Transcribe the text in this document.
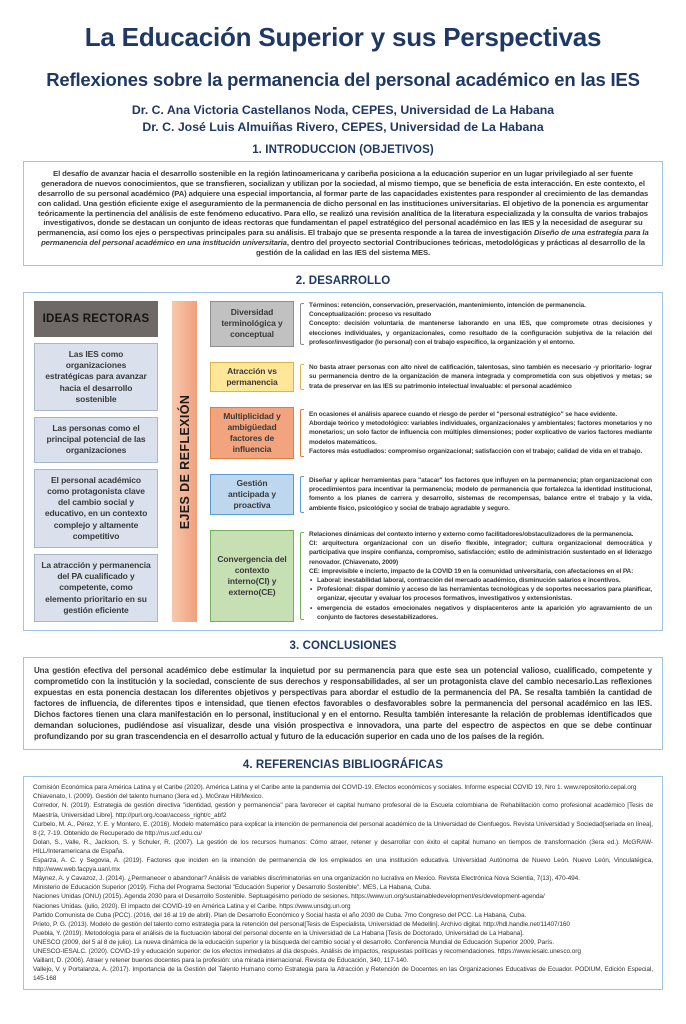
La Educación Superior y sus Perspectivas
Reflexiones sobre la permanencia del personal académico en las IES
Dr. C. Ana Victoria Castellanos Noda, CEPES, Universidad de La Habana
Dr. C. José Luis Almuiñas Rivero, CEPES, Universidad de La Habana
1. INTRODUCCION (OBJETIVOS)
El desafío de avanzar hacia el desarrollo sostenible en la región latinoamericana y caribeña posiciona a la educación superior en un lugar privilegiado al ser fuente generadora de nuevos conocimientos, que se transfieren, socializan y utilizan por la sociedad, al mismo tiempo, que se beneficia de esta interacción. En este contexto, el desarrollo de su personal académico (PA) adquiere una especial importancia, al formar parte de las capacidades existentes para responder al crecimiento de las demandas con calidad. Una gestión eficiente exige el aseguramiento de la permanencia de dicho personal en las instituciones universitarias. El objetivo de la ponencia es argumentar teóricamente la pertinencia del análisis de este fenómeno educativo. Para ello, se realizó una revisión analítica de la literatura especializada y la consulta de varios trabajos investigativos, donde se destacan un conjunto de ideas rectoras que fundamentan el papel estratégico del personal académico en las IES y la necesidad de asegurar su permanencia, así como los ejes o perspectivas principales para su análisis. El trabajo que se presenta responde a la tarea de investigación Diseño de una estrategia para la permanencia del personal académico en una institución universitaria, dentro del proyecto sectorial Contribuciones teóricas, metodológicas y prácticas al desarrollo de la gestión de la calidad en las IES del sistema MES.
2. DESARROLLO
IDEAS RECTORAS
Las IES como organizaciones estratégicas para avanzar hacia el desarrollo sostenible
Las personas como el principal potencial de las organizaciones
El personal académico como protagonista clave del cambio social y educativo, en un contexto complejo y altamente competitivo
La atracción y permanencia del PA cualificado y competente, como elemento prioritario en su gestión eficiente
EJES DE REFLEXIÓN
Diversidad terminológica y conceptual

Términos: retención, conservación, preservación, mantenimiento, intención de permanencia.

Conceptualización: proceso vs resultado

Concepto: decisión voluntaria de mantenerse laborando en una IES, que compromete otras decisiones y elecciones individuales, y organizacionales, como resultado de la configuración subjetiva de la relación del profesor/investigador (lo personal) con el trabajo específico, la organización y el entorno.

Atracción vs permanencia

No basta atraer personas con alto nivel de calificación, talentosas, sino también es necesario -y prioritario- lograr su permanencia dentro de la organización de manera integrada y comprometida con sus objetivos y metas; se trata de preservar en las IES su patrimonio intelectual invaluable: el personal académico

Multiplicidad y ambigüedad factores de influencia

En ocasiones el análisis aparece cuando el riesgo de perder el "personal estratégico" se hace evidente.

Abordaje teórico y metodológico: variables individuales, organizacionales y ambientales; factores monetarios y no monetarios; un solo factor de influencia con múltiples dimensiones; poder explicativo de varios factores mediante modelos matemáticos.

Factores más estudiados: compromiso organizacional; satisfacción con el trabajo; calidad de vida en el trabajo.

Gestión anticipada y proactiva

Diseñar y aplicar herramientas para "atacar" los factores que influyen en la permanencia; plan organizacional con procedimientos para incentivar la permanencia; modelo de permanencia que fortalezca la identidad institucional, fomento a los planes de carrera y desarrollo, sistemas de recompensas, balance entre el trabajo y la vida, ambiente físico, psicológico y social de trabajo agradable y seguro.

Convergencia del contexto interno(CI) y externo(CE)

Relaciones dinámicas del contexto interno y externo como facilitadores/obstaculizadores de la permanencia.

CI: arquitectura organizacional con un diseño flexible, integrador; cultura organizacional democrática y participativa que inspire confianza, compromiso, satisfacción; estilo de administración sustentado en el liderazgo renovador. (Chiavenato, 2009)

CE: imprevisible e incierto, impacto de la COVID 19 en la comunidad universitaria, con afectaciones en el PA:

• Laboral: inestabilidad laboral, contracción del mercado académico, disminución salarios e incentivos.

• Profesional: dispar dominio y acceso de las herramientas tecnológicas y de soportes necesarios para planificar, organizar, ejecutar y evaluar los procesos formativos, investigativos y extensionistas.

• emergencia de estados emocionales negativos y displacenteros ante la aparición y/o agravamiento de un conjunto de factores desestabilizadores.

3. CONCLUSIONES
Una gestión efectiva del personal académico debe estimular la inquietud por su permanencia para que este sea un potencial valioso, cualificado, competente y comprometido con la institución y la sociedad, consciente de sus derechos y responsabilidades, al ser un protagonista clave del cambio necesario.Las reflexiones expuestas en esta ponencia destacan los diferentes objetivos y perspectivas para abordar el estudio de la permanencia del PA. Se resalta también la cantidad de factores de influencia, de diferentes tipos e intensidad, que tienen efectos favorables o desfavorables sobre la permanencia del personal académico en las IES. Dichos factores tienen una clara manifestación en lo personal, institucional y en el entorno. Resulta también interesante la relación de problemas identificados que demandan soluciones, pudiéndose así visualizar, desde una visión prospectiva e innovadora, una parte del espectro de aspectos en que se debe continuar profundizando por su gran trascendencia en el desarrollo actual y futuro de la educación superior en cada uno de los países de la región.
4. REFERENCIAS BIBLIOGRÁFICAS

Comisión Económica para América Latina y el Caribe (2020). América Latina y el Caribe ante la pandemia del COVID-19. Efectos económicos y sociales. Informe especial COVID 19, Nro 1. www.repositorio.cepal.org

Chiavenato, I. (2009). Gestión del talento humano (3era ed.). McGraw Hill/Mexico.

Corredor, N. (2019). Estrategia de gestión directiva "identidad, gestión y permanencia" para favorecer el capital humano profesoral de la Escuela colombiana de Rehabilitación como profesional académico [Tesis de Maestría, Universidad Libre]. http://purl.org./coar/access_right/c_abf2

Curbelo, M. A., Pérez, Y. E. y Montero, E. (2016). Modelo matemático para explicar la intención de permanencia del personal académico de la Universidad de Cienfuegos. Revista Universidad y Sociedad[seriada en línea], 8 (2, 7-19. Obtenido de Recuperado de http://rus.ucf.edu.cu/

Dolan, S., Valle, R., Jackson, S. y Schuler, R. (2007). La gestión de los recursos humanos: Cómo atraer, retener y desarrollar con éxito el capital humano en tiempos de transformación (3era ed.). McGRAW-HILL/Interamericana de España.

Esparza, A. C. y Segovia, A. (2019). Factores que inciden en la intención de permanencia de los empleados en una institución educativa. Universidad Autónoma de Nuevo León. Nuevo León, Vinculatégica, http://www.web.facpya.uanl.mx

Máynez, A. y Cavazoz, J. (2014). ¿Permanecer o abandonar? Análisis de variables discriminatorias en una organización no lucrativa en Mexico. Revista Electrónica Nova Scientia, 7(13), 470-494.

Ministerio de Educación Superior (2019). Ficha del Programa Sectorial "Educación Superior y Desarrollo Sostenible". MES, La Habana, Cuba.

Naciones Unidas (ONU) (2015). Agenda 2030 para el Desarrollo Sostenible. Septuagésimo período de sesiones. https://www.un.org/sustainabledevelopment/es/development-agenda/

Naciones Unidas. (julio, 2020). El impacto del COVID-19 en América Latina y el Caribe. https://www.unsdg.un.org

Partido Comunista de Cuba (PCC). (2016, del 16 al 19 de abril). Plan de Desarrollo Económico y Social hasta el año 2030 de Cuba. 7mo Congreso del PCC. La Habana, Cuba.

Prieto, P. G. (2013). Modelo de gestión del talento como estrategia para la retención del personal[Tesis de Especialista, Universidad de Medellin]. Archivo digital. http://hdl.handle.net/11407/160

Puebla, Y. (2019). Metodología para el análisis de la fluctuación laboral del personal docente en la Universidad de La Habana [Tesis de Doctorado, Universidad de La Habana].

UNESCO (2009, del 5 al 8 de julio). La nueva dinámica de la educación superior y la búsqueda del cambio social y el desarrollo. Conferencia Mundial de Educación Superior 2009, París.

UNESCO-IESALC. (2020). COVID-19 y educación superior: de los efectos inmediatos al día después. Análisis de impactos, respuestas políticas y recomendaciones. https://www.iesalc.unesco.org

Vaillant, D. (2006). Atraer y retener buenos docentes para la profesión: una mirada internacional. Revista de Educación, 340, 117-140.

Vallejo, V. y Portalanza, A. (2017). Importancia de la Gestión del Talento Humano como Estrategia para la Atracción y Retención de Docentes en las Organizaciones Educativas de Ecuador. PODIUM, Edición Especial, 145-168
